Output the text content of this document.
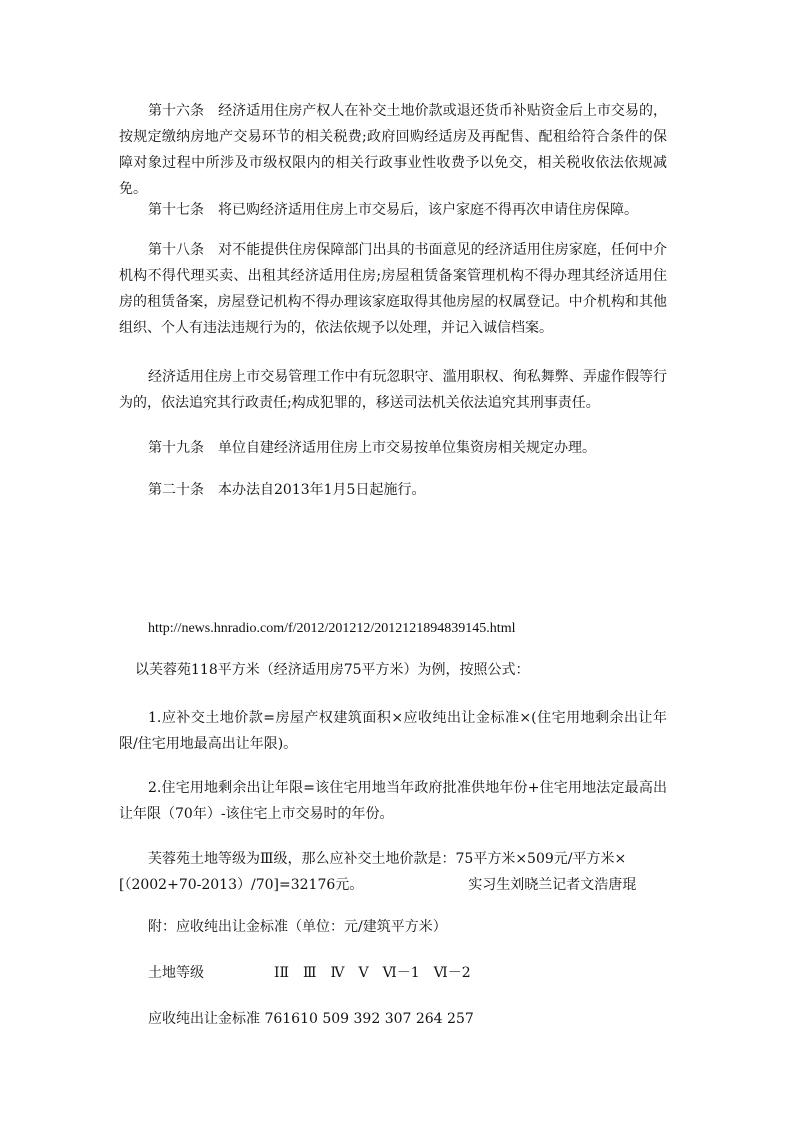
第十六条　经济适用住房产权人在补交土地价款或退还货币补贴资金后上市交易的，按规定缴纳房地产交易环节的相关税费;政府回购经适房及再配售、配租给符合条件的保障对象过程中所涉及市级权限内的相关行政事业性收费予以免交，相关税收依法依规减免。

第十七条　将已购经济适用住房上市交易后，该户家庭不得再次申请住房保障。

第十八条　对不能提供住房保障部门出具的书面意见的经济适用住房家庭，任何中介机构不得代理买卖、出租其经济适用住房;房屋租赁备案管理机构不得办理其经济适用住房的租赁备案，房屋登记机构不得办理该家庭取得其他房屋的权属登记。中介机构和其他组织、个人有违法违规行为的，依法依规予以处理，并记入诚信档案。

经济适用住房上市交易管理工作中有玩忽职守、滥用职权、徇私舞弊、弄虚作假等行为的，依法追究其行政责任;构成犯罪的，移送司法机关依法追究其刑事责任。

第十九条　单位自建经济适用住房上市交易按单位集资房相关规定办理。

第二十条　本办法自2013年1月5日起施行。

http://news.hnradio.com/f/2012/201212/2012121894839145.html

以芙蓉苑118平方米（经济适用房75平方米）为例，按照公式：

1.应补交土地价款=房屋产权建筑面积×应收纯出让金标准×(住宅用地剩余出让年限/住宅用地最高出让年限)。

2.住宅用地剩余出让年限=该住宅用地当年政府批准供地年份+住宅用地法定最高出让年限（70年）-该住宅上市交易时的年份。

芙蓉苑土地等级为Ⅲ级，那么应补交土地价款是：75平方米×509元/平方米×

[（2002+70-2013）/70]=32176元。	实习生刘晓兰记者文浩唐琨

附：应收纯出让金标准（单位：元/建筑平方米）

土地等级	ⅠⅡ　Ⅲ　Ⅳ　Ⅴ　Ⅵ－1　Ⅵ－2

应收纯出让金标准 761610 509 392 307 264 257
